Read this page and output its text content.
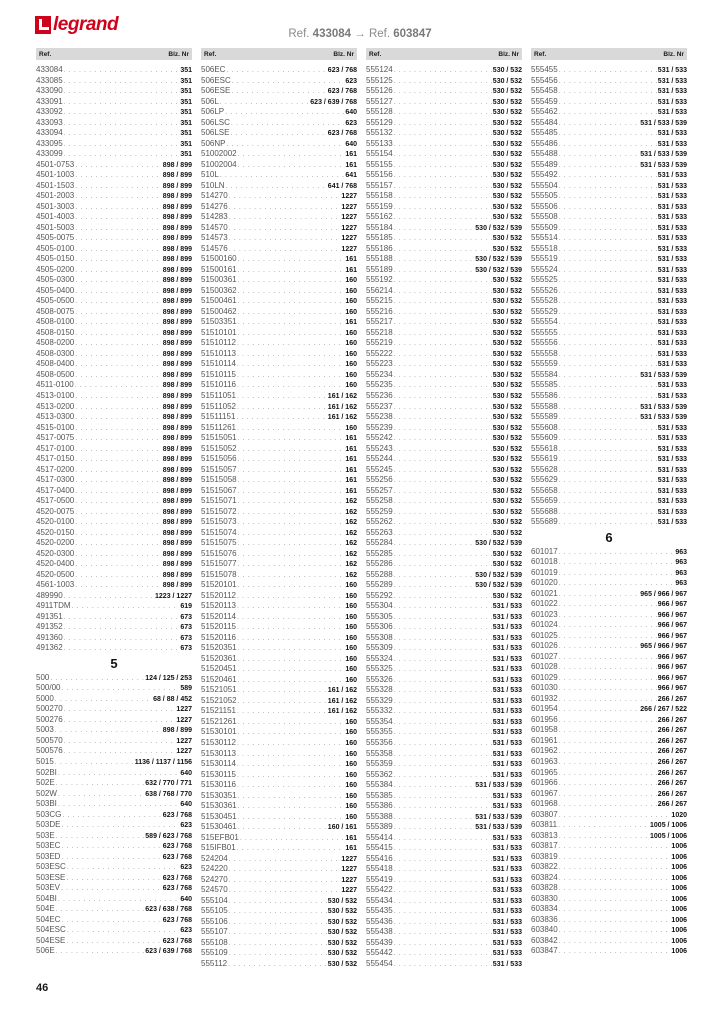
legrand	Ref. 433084 → Ref. 603847
Ref.	Blz. Nr
433084 . . .	351
433085 . . .	351
433090 . . .	351
433091 . . .	351
433092 . . .	351
433093 . . .	351
433094 . . .	351
433095 . . .	351
433099 . . .	351
4501-0753 . . .	898 / 899
4501-1003 . . .	898 / 899
4501-1503 . . .	898 / 899
4501-2003 . . .	898 / 899
4501-3003 . . .	898 / 899
4501-4003 . . .	898 / 899
4501-5003 . . .	898 / 899
4505-0075 . . .	898 / 899
4505-0100 . . .	898 / 899
4505-0150 . . .	898 / 899
4505-0200 . . .	898 / 899
4505-0300 . . .	898 / 899
4505-0400 . . .	898 / 899
4505-0500 . . .	898 / 899
4508-0075 . . .	898 / 899
4508-0100 . . .	898 / 899
4508-0150 . . .	898 / 899
4508-0200 . . .	898 / 899
4508-0300 . . .	898 / 899
4508-0400 . . .	898 / 899
4508-0500 . . .	898 / 899
4511-0100 . . .	898 / 899
4513-0100 . . .	898 / 899
4513-0200 . . .	898 / 899
4513-0300 . . .	898 / 899
4515-0100 . . .	898 / 899
4517-0075 . . .	898 / 899
4517-0100 . . .	898 / 899
4517-0150 . . .	898 / 899
4517-0200 . . .	898 / 899
4517-0300 . . .	898 / 899
4517-0400 . . .	898 / 899
4517-0500 . . .	898 / 899
4520-0075 . . .	898 / 899
4520-0100 . . .	898 / 899
4520-0150 . . .	898 / 899
4520-0200 . . .	898 / 899
4520-0300 . . .	898 / 899
4520-0400 . . .	898 / 899
4520-0500 . . .	898 / 899
4561-1003 . . .	898 / 899
489990 . . .	1223 / 1227
4911TDM . . .	619
491351 . . .	673
491352 . . .	673
491360 . . .	673
491362 . . .	673
5
500 . . .	124 / 125 / 253
500/00 . . .	589
5000 . . .	68 / 88 / 452
500270 . . .	1227
500276 . . .	1227
5003 . . .	898 / 899
500570 . . .	1227
500576 . . .	1227
5015 . . .	1136 / 1137 / 1156
502BI . . .	640
502E . . .	632 / 770 / 771
502W . . .	638 / 768 / 770
503BI . . .	640
503CG . . .	623 / 768
503DE . . .	623
503E . . .	589 / 623 / 768
503EC . . .	623 / 768
503ED . . .	623 / 768
503ESC . . .	623
503ESE . . .	623 / 768
503EV . . .	623 / 768
504BI . . .	640
504E . . .	623 / 638 / 768
504EC . . .	623 / 768
504ESC . . .	623
504ESE . . .	623 / 768
506E . . .	623 / 639 / 768
Ref.	Blz. Nr
506EC . . .	623 / 768
506ESC . . .	623
506ESE . . .	623 / 768
506L . . .	623 / 639 / 768
506LP . . .	640
506LSC . . .	623
506LSE . . .	623 / 768
506NP . . .	640
51002002 . . .	161
51002004 . . .	161
510L . . .	641
510LN . . .	641 / 768
514270 . . .	1227
514276 . . .	1227
514283 . . .	1227
514570 . . .	1227
514573 . . .	1227
514576 . . .	1227
51500160 . . .	161
51500161 . . .	161
51500361 . . .	160
51500362 . . .	160
51500461 . . .	160
51500462 . . .	160
51503351 . . .	161
51510101 . . .	160
51510112 . . .	160
51510113 . . .	160
51510114 . . .	160
51510115 . . .	160
51510116 . . .	160
51511051 . . .	161 / 162
51511052 . . .	161 / 162
51511151 . . .	161 / 162
51511261 . . .	160
51515051 . . .	161
51515052 . . .	161
51515056 . . .	161
51515057 . . .	161
51515058 . . .	161
51515067 . . .	161
51515071 . . .	162
51515072 . . .	162
51515073 . . .	162
51515074 . . .	162
51515075 . . .	162
51515076 . . .	162
51515077 . . .	162
51515078 . . .	162
51520101 . . .	160
51520112 . . .	160
51520113 . . .	160
51520114 . . .	160
51520115 . . .	160
51520116 . . .	160
51520351 . . .	160
51520361 . . .	160
51520451 . . .	160
51520461 . . .	160
51521051 . . .	161 / 162
51521052 . . .	161 / 162
51521151 . . .	161 / 162
51521261 . . .	160
51530101 . . .	160
51530112 . . .	160
51530113 . . .	160
51530114 . . .	160
51530115 . . .	160
51530116 . . .	160
51530351 . . .	160
51530361 . . .	160
51530451 . . .	160
51530461 . . .	160 / 161
515EFB01 . . .	161
515IFB01 . . .	161
524204 . . .	1227
524220 . . .	1227
524270 . . .	1227
524570 . . .	1227
555104 . . .	530 / 532
555105 . . .	530 / 532
555106 . . .	530 / 532
555107 . . .	530 / 532
555108 . . .	530 / 532
555109 . . .	530 / 532
555112 . . .	530 / 532
Ref.	Blz. Nr
555124 . . .	530 / 532
555125 . . .	530 / 532
555126 . . .	530 / 532
555127 . . .	530 / 532
555128 . . .	530 / 532
555129 . . .	530 / 532
555132 . . .	530 / 532
555133 . . .	530 / 532
555154 . . .	530 / 532
555155 . . .	530 / 532
555156 . . .	530 / 532
555157 . . .	530 / 532
555158 . . .	530 / 532
555159 . . .	530 / 532
555162 . . .	530 / 532
555184 . . .	530 / 532 / 539
555185 . . .	530 / 532
555186 . . .	530 / 532
555188 . . .	530 / 532 / 539
555189 . . .	530 / 532 / 539
555192 . . .	530 / 532
556214 . . .	530 / 532
555215 . . .	530 / 532
555216 . . .	530 / 532
555217 . . .	530 / 532
555218 . . .	530 / 532
555219 . . .	530 / 532
555222 . . .	530 / 532
555223 . . .	530 / 532
555234 . . .	530 / 532
555235 . . .	530 / 532
555236 . . .	530 / 532
555237 . . .	530 / 532
555238 . . .	530 / 532
555239 . . .	530 / 532
555242 . . .	530 / 532
555243 . . .	530 / 532
555244 . . .	530 / 532
555245 . . .	530 / 532
555256 . . .	530 / 532
555257 . . .	530 / 532
555258 . . .	530 / 532
555259 . . .	530 / 532
555262 . . .	530 / 532
555263 . . .	530 / 532
555284 . . .	530 / 532 / 539
555285 . . .	530 / 532
555286 . . .	530 / 532
555288 . . .	530 / 532 / 539
555289 . . .	530 / 532 / 539
555292 . . .	530 / 532
555304 . . .	531 / 533
555305 . . .	531 / 533
555306 . . .	531 / 533
555308 . . .	531 / 533
555309 . . .	531 / 533
555324 . . .	531 / 533
555325 . . .	531 / 533
555326 . . .	531 / 533
555328 . . .	531 / 533
555329 . . .	531 / 533
555332 . . .	531 / 533
555354 . . .	531 / 533
555355 . . .	531 / 533
555356 . . .	531 / 533
555358 . . .	531 / 533
555359 . . .	531 / 533
555362 . . .	531 / 533
555384 . . .	531 / 533 / 539
555385 . . .	531 / 533
555386 . . .	531 / 533
555388 . . .	531 / 533 / 539
555389 . . .	531 / 533 / 539
555414 . . .	531 / 533
555415 . . .	531 / 533
555416 . . .	531 / 533
555418 . . .	531 / 533
555419 . . .	531 / 533
555422 . . .	531 / 533
555434 . . .	531 / 533
555435 . . .	531 / 533
555436 . . .	531 / 533
555438 . . .	531 / 533
555439 . . .	531 / 533
555442 . . .	531 / 533
555454 . . .	531 / 533
Ref.	Blz. Nr
555455 . . .	531 / 533
555456 . . .	531 / 533
555458 . . .	531 / 533
555459 . . .	531 / 533
555462 . . .	531 / 533
555484 . . .	531 / 533 / 539
555485 . . .	531 / 533
555486 . . .	531 / 533
555488 . . .	531 / 533 / 539
555489 . . .	531 / 533 / 539
555492 . . .	531 / 533
555504 . . .	531 / 533
555505 . . .	531 / 533
555506 . . .	531 / 533
555508 . . .	531 / 533
555509 . . .	531 / 533
555514 . . .	531 / 533
555518 . . .	531 / 533
555519 . . .	531 / 533
555524 . . .	531 / 533
555525 . . .	531 / 533
555526 . . .	531 / 533
555528 . . .	531 / 533
555529 . . .	531 / 533
555554 . . .	531 / 533
555555 . . .	531 / 533
555556 . . .	531 / 533
555558 . . .	531 / 533
555559 . . .	531 / 533
555584 . . .	531 / 533 / 539
555585 . . .	531 / 533
555586 . . .	531 / 533
555588 . . .	531 / 533 / 539
555589 . . .	531 / 533 / 539
555608 . . .	531 / 533
555609 . . .	531 / 533
555618 . . .	531 / 533
555619 . . .	531 / 533
555628 . . .	531 / 533
555629 . . .	531 / 533
555658 . . .	531 / 533
555659 . . .	531 / 533
555688 . . .	531 / 533
555689 . . .	531 / 533
6
601017 . . .	963
601018 . . .	963
601019 . . .	963
601020 . . .	963
601021 . . .	965 / 966 / 967
601022 . . .	966 / 967
601023 . . .	966 / 967
601024 . . .	966 / 967
601025 . . .	966 / 967
601026 . . .	965 / 966 / 967
601027 . . .	966 / 967
601028 . . .	966 / 967
601029 . . .	966 / 967
601030 . . .	966 / 967
601932 . . .	266 / 267
601954 . . .	266 / 267 / 522
601956 . . .	266 / 267
601958 . . .	266 / 267
601961 . . .	266 / 267
601962 . . .	266 / 267
601963 . . .	266 / 267
601965 . . .	266 / 267
601966 . . .	266 / 267
601967 . . .	266 / 267
601968 . . .	266 / 267
603807 . . .	1020
603811 . . .	1005 / 1006
603813 . . .	1005 / 1006
603817 . . .	1006
603819 . . .	1006
603822 . . .	1006
603824 . . .	1006
603828 . . .	1006
603830 . . .	1006
603834 . . .	1006
603836 . . .	1006
603840 . . .	1006
603842 . . .	1006
603847 . . .	1006
46
